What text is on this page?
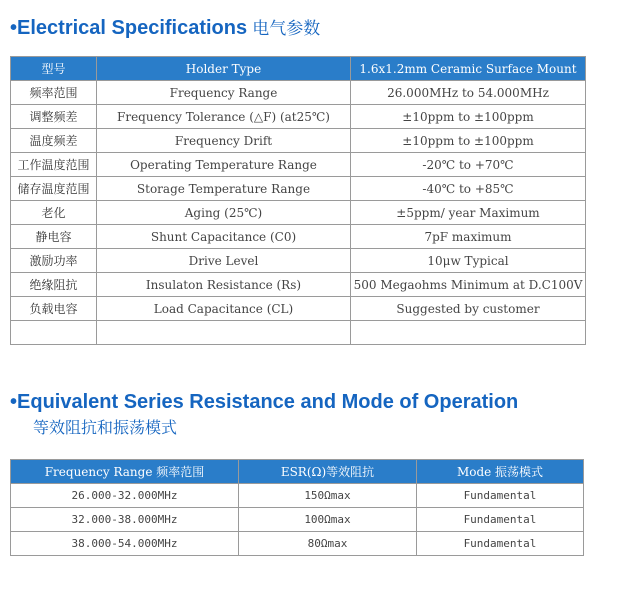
•Electrical Specifications 电气参数
型号	Holder Type	1.6x1.2mm Ceramic Surface Mount
频率范围	Frequency Range	26.000MHz to 54.000MHz
调整频差	Frequency Tolerance (△F) (at25℃)	±10ppm to ±100ppm
温度频差	Frequency Drift	±10ppm to ±100ppm
工作温度范围	Operating Temperature Range	-20℃ to +70℃
储存温度范围	Storage Temperature Range	-40℃ to +85℃
老化	Aging (25℃)	±5ppm/ year Maximum
静电容	Shunt Capacitance (C0)	7pF maximum
激励功率	Drive Level	10μw Typical
绝缘阻抗	Insulaton Resistance (Rs)	500 Megaohms Minimum at D.C100V
负载电容	Load Capacitance (CL)	Suggested by customer

•Equivalent Series Resistance and Mode of Operation
等效阻抗和振荡模式
Frequency Range 频率范围	ESR(Ω)等效阻抗	Mode 振荡模式
26.000-32.000MHz	150Ωmax	Fundamental
32.000-38.000MHz	100Ωmax	Fundamental
38.000-54.000MHz	80Ωmax	Fundamental
